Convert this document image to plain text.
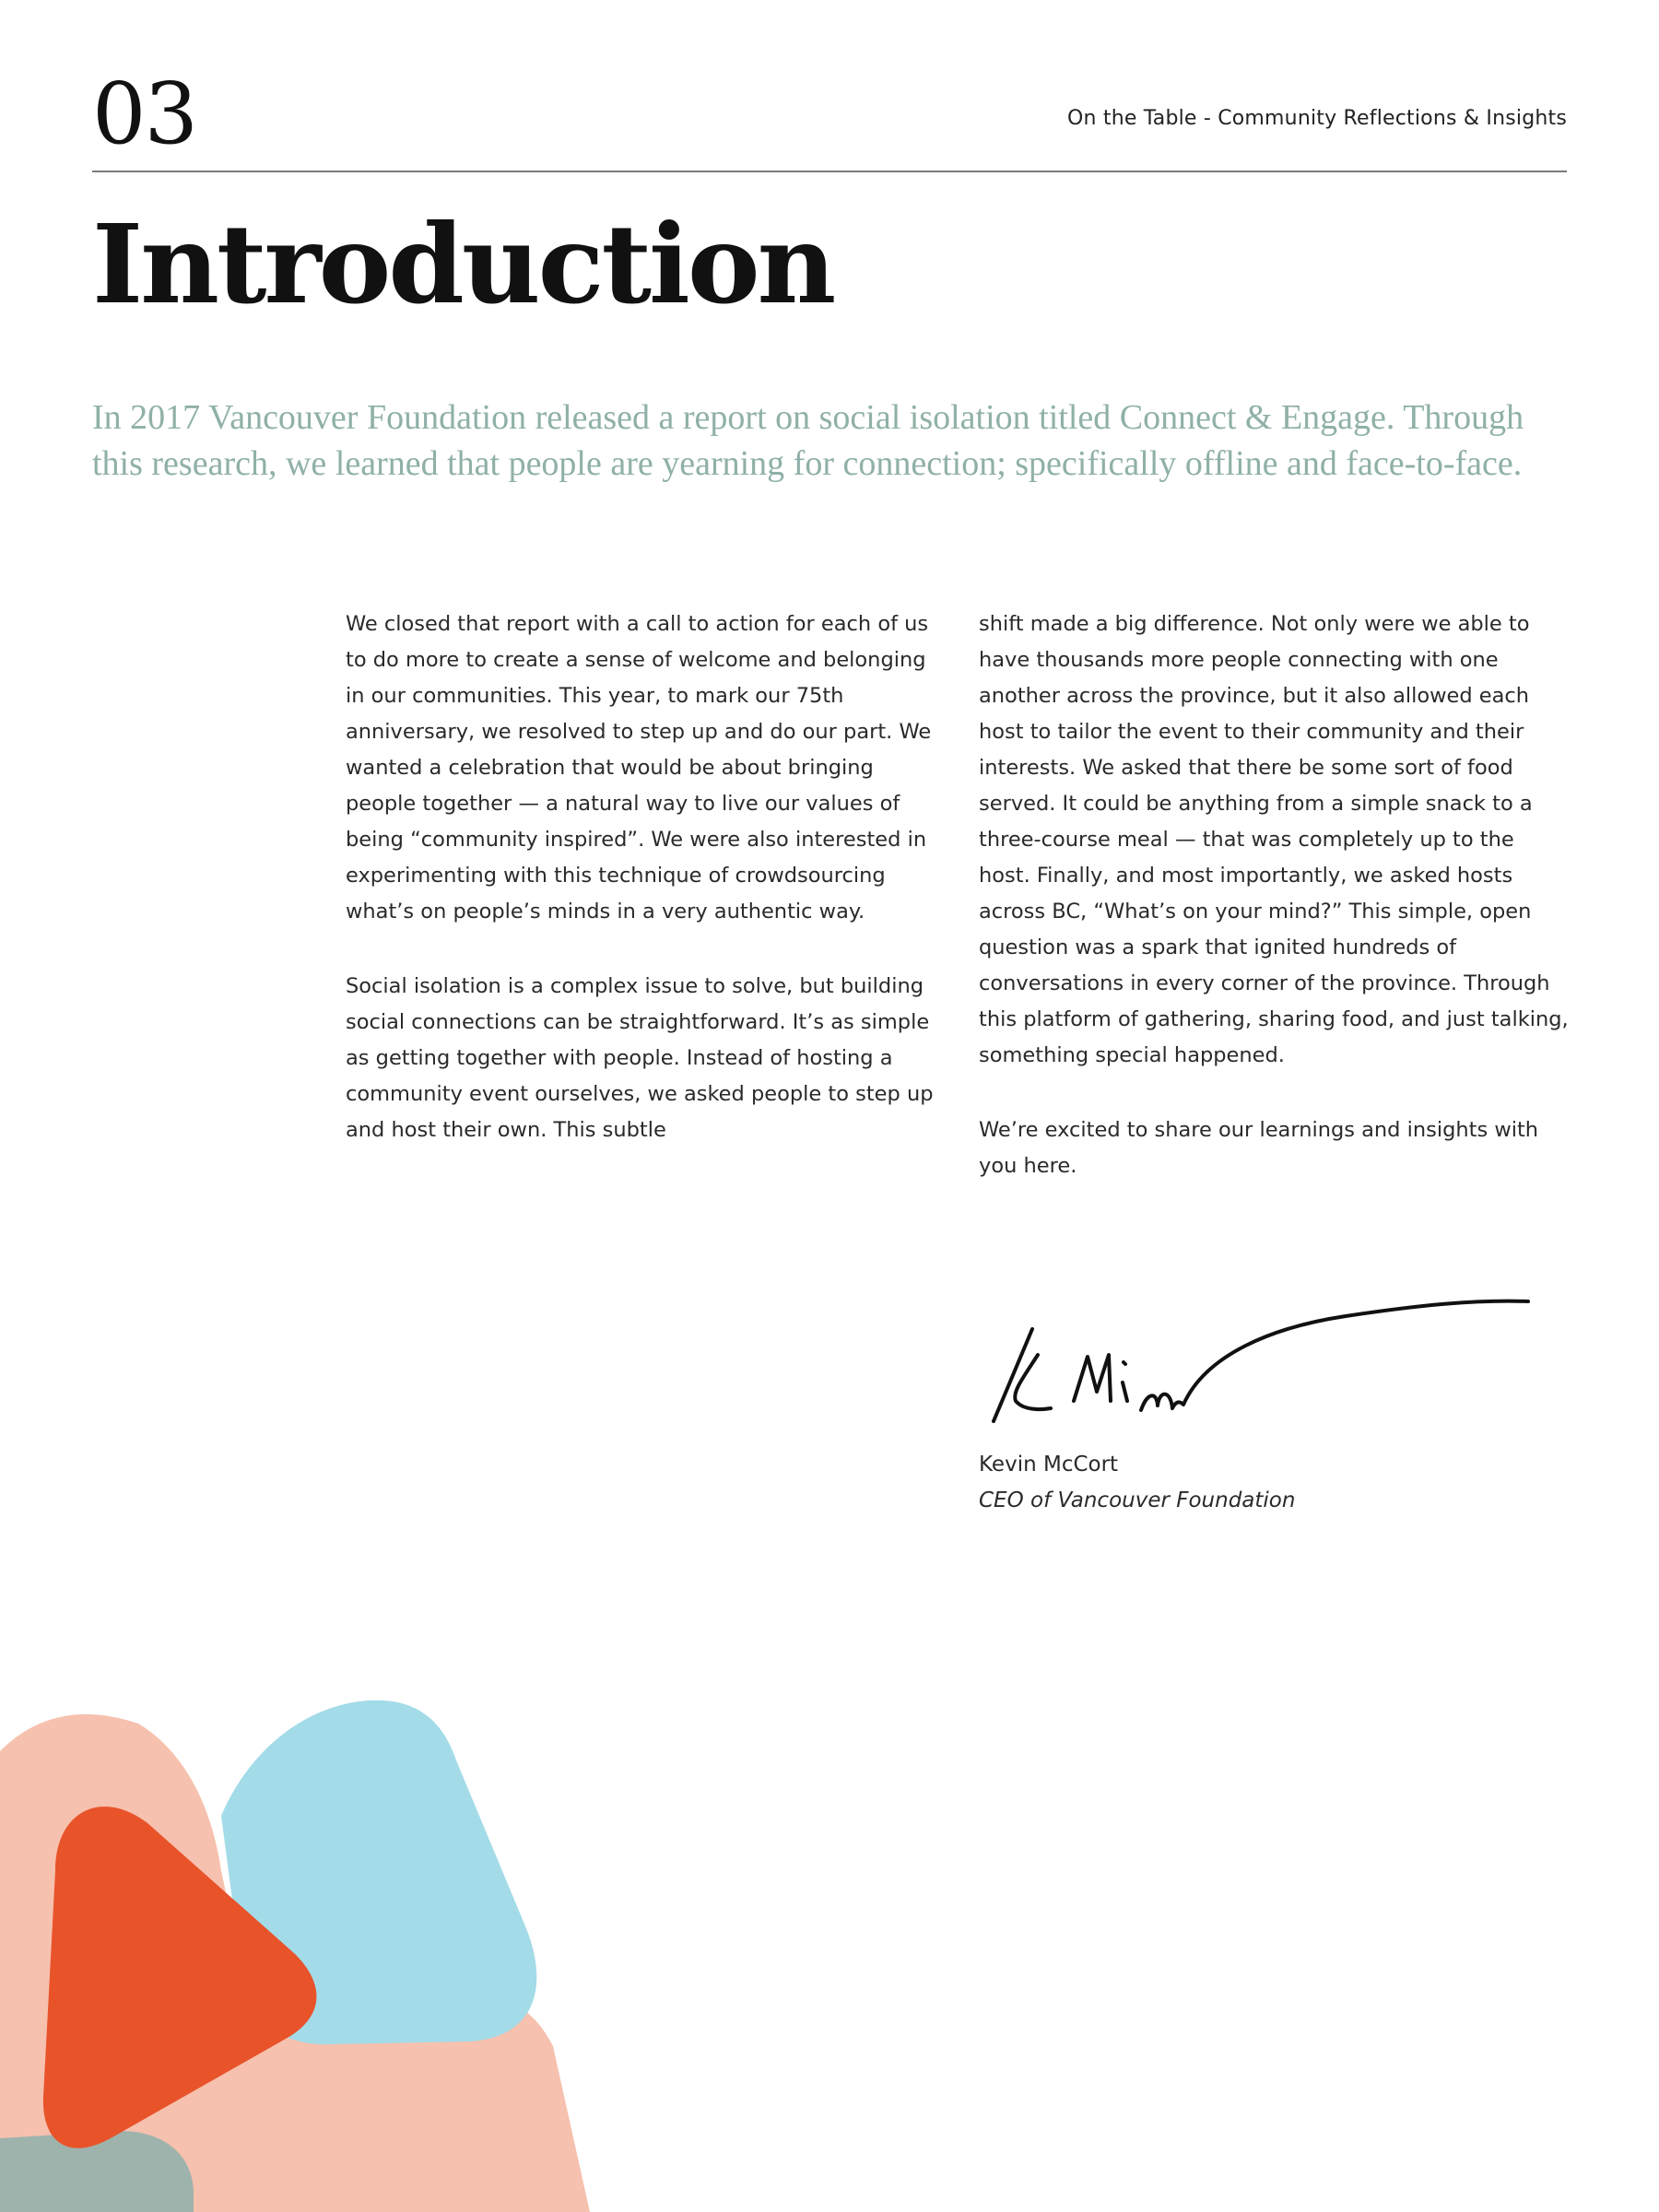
03	On the Table - Community Reflections & Insights
Introduction

In 2017 Vancouver Foundation released a report on social isolation titled Connect & Engage. Through this research, we learned that people are yearning for connection; specifically offline and face-to-face.

We closed that report with a call to action for each of us to do more to create a sense of welcome and belonging in our communities. This year, to mark our 75th anniversary, we resolved to step up and do our part. We wanted a celebration that would be about bringing people together — a natural way to live our values of being “community inspired”. We were also interested in experimenting with this technique of crowdsourcing what’s on people’s minds in a very authentic way.

Social isolation is a complex issue to solve, but building social connections can be straightforward. It’s as simple as getting together with people. Instead of hosting a community event ourselves, we asked people to step up and host their own. This subtle

shift made a big difference. Not only were we able to have thousands more people connecting with one another across the province, but it also allowed each host to tailor the event to their community and their interests. We asked that there be some sort of food served. It could be anything from a simple snack to a three-course meal — that was completely up to the host. Finally, and most importantly, we asked hosts across BC, “What’s on your mind?” This simple, open question was a spark that ignited hundreds of conversations in every corner of the province. Through this platform of gathering, sharing food, and just talking, something special happened.

We’re excited to share our learnings and insights with you here.

Kevin McCort
CEO of Vancouver Foundation
